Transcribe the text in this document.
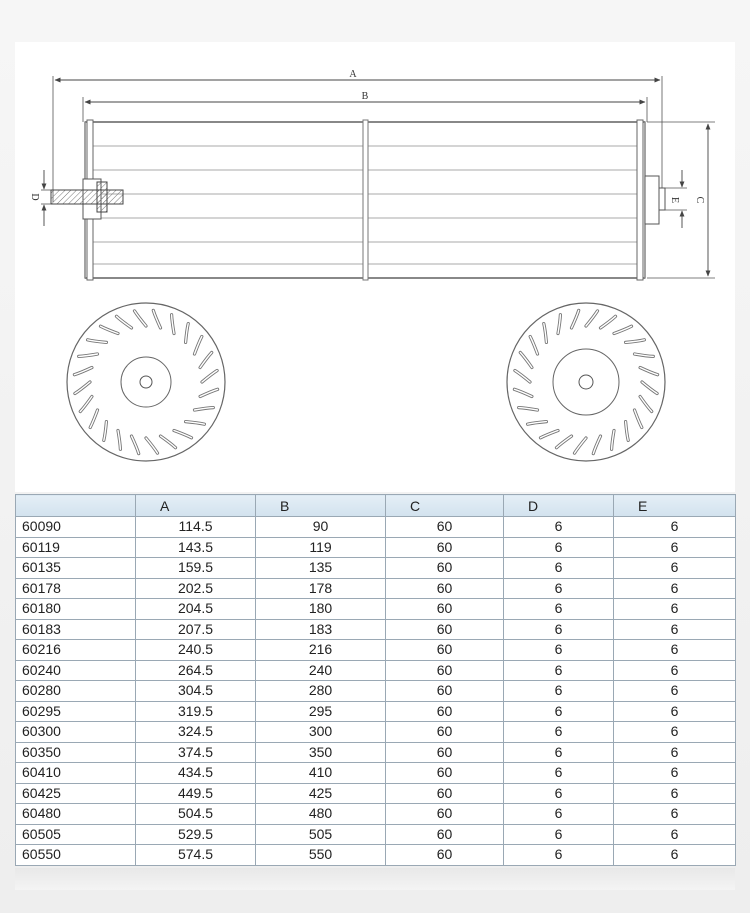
A
B
D	C
E
	A	B	C	D	E
60090	114.5	90	60	6	6
60119	143.5	119	60	6	6
60135	159.5	135	60	6	6
60178	202.5	178	60	6	6
60180	204.5	180	60	6	6
60183	207.5	183	60	6	6
60216	240.5	216	60	6	6
60240	264.5	240	60	6	6
60280	304.5	280	60	6	6
60295	319.5	295	60	6	6
60300	324.5	300	60	6	6
60350	374.5	350	60	6	6
60410	434.5	410	60	6	6
60425	449.5	425	60	6	6
60480	504.5	480	60	6	6
60505	529.5	505	60	6	6
60550	574.5	550	60	6	6
